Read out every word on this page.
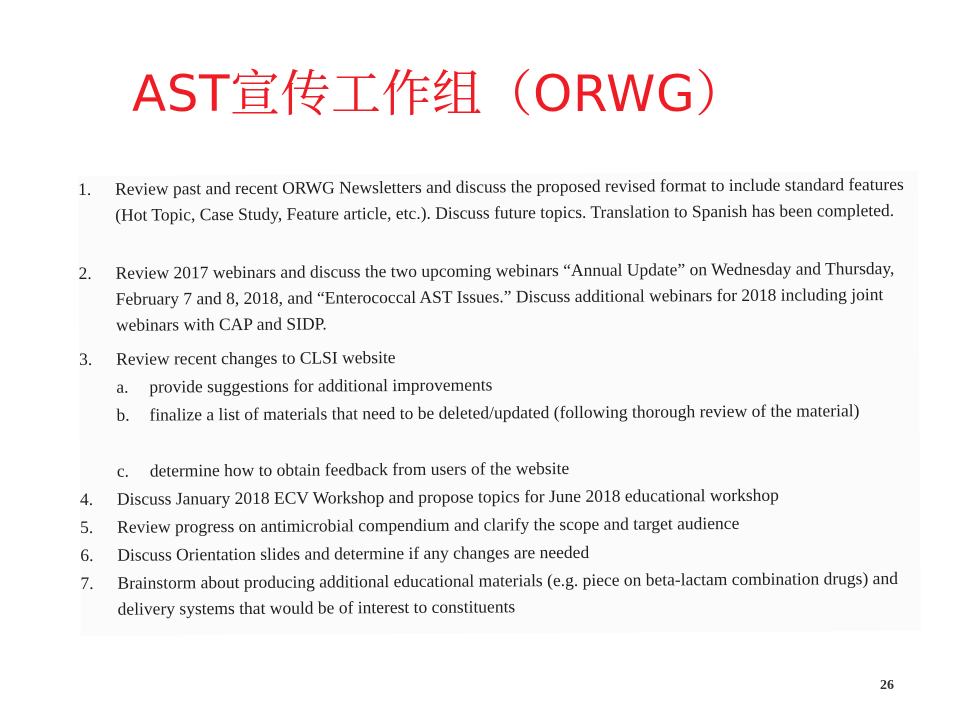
AST宣传工作组（ORWG）
1.	Review past and recent ORWG Newsletters and discuss the proposed revised format to include standard features (Hot Topic, Case Study, Feature article, etc.). Discuss future topics. Translation to Spanish has been completed.
2.	Review 2017 webinars and discuss the two upcoming webinars “Annual Update” on Wednesday and Thursday, February 7 and 8, 2018, and “Enterococcal AST Issues.” Discuss additional webinars for 2018 including joint webinars with CAP and SIDP.
3.	Review recent changes to CLSI website
a.	provide suggestions for additional improvements
b.	finalize a list of materials that need to be deleted/updated (following thorough review of the material)
c.	determine how to obtain feedback from users of the website
4.	Discuss January 2018 ECV Workshop and propose topics for June 2018 educational workshop
5.	Review progress on antimicrobial compendium and clarify the scope and target audience
6.	Discuss Orientation slides and determine if any changes are needed
7.	Brainstorm about producing additional educational materials (e.g. piece on beta-lactam combination drugs) and delivery systems that would be of interest to constituents
26
